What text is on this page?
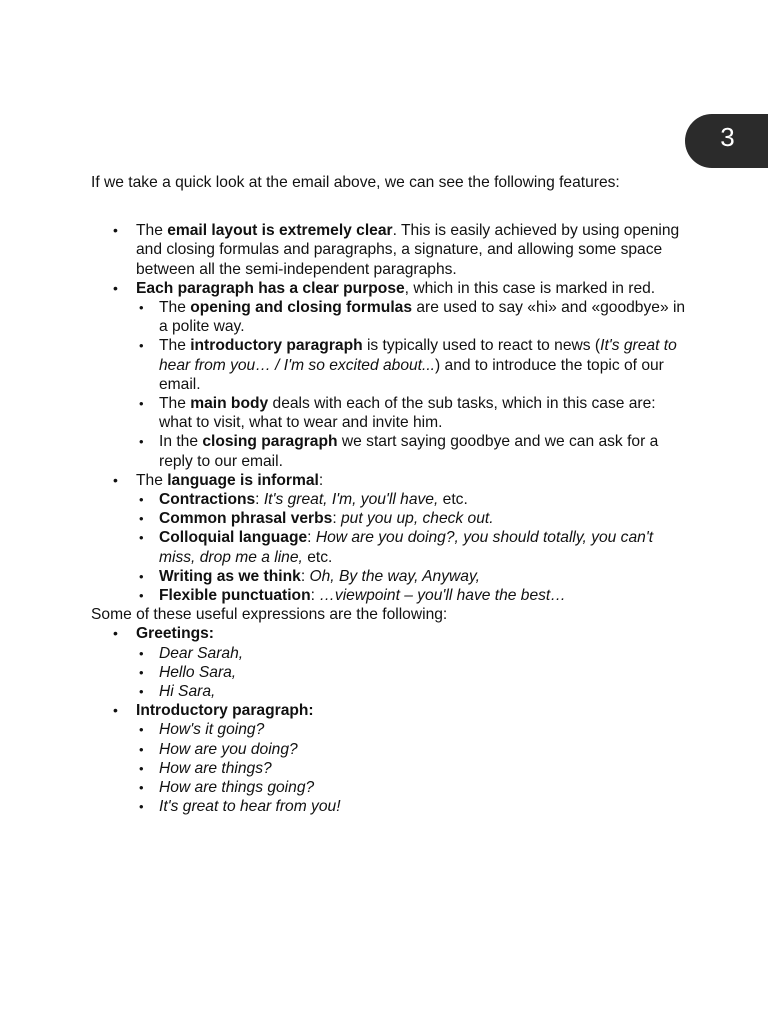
3

If we take a quick look at the email above, we can see the following features:

• The email layout is extremely clear. This is easily achieved by using opening and closing formulas and paragraphs, a signature, and allowing some space between all the semi-independent paragraphs.
• Each paragraph has a clear purpose, which in this case is marked in red.
• The opening and closing formulas are used to say «hi» and «goodbye» in a polite way.
• The introductory paragraph is typically used to react to news (It's great to hear from you… / I'm so excited about...) and to introduce the topic of our email.
• The main body deals with each of the sub tasks, which in this case are: what to visit, what to wear and invite him.
• In the closing paragraph we start saying goodbye and we can ask for a reply to our email.
• The language is informal:
• Contractions: It's great, I'm, you'll have, etc.
• Common phrasal verbs: put you up, check out.
• Colloquial language: How are you doing?, you should totally, you can't miss, drop me a line, etc.
• Writing as we think: Oh, By the way, Anyway,
• Flexible punctuation: …viewpoint – you'll have the best…

Some of these useful expressions are the following:

• Greetings:
• Dear Sarah,
• Hello Sara,
• Hi Sara,
• Introductory paragraph:
• How's it going?
• How are you doing?
• How are things?
• How are things going?
• It's great to hear from you!
